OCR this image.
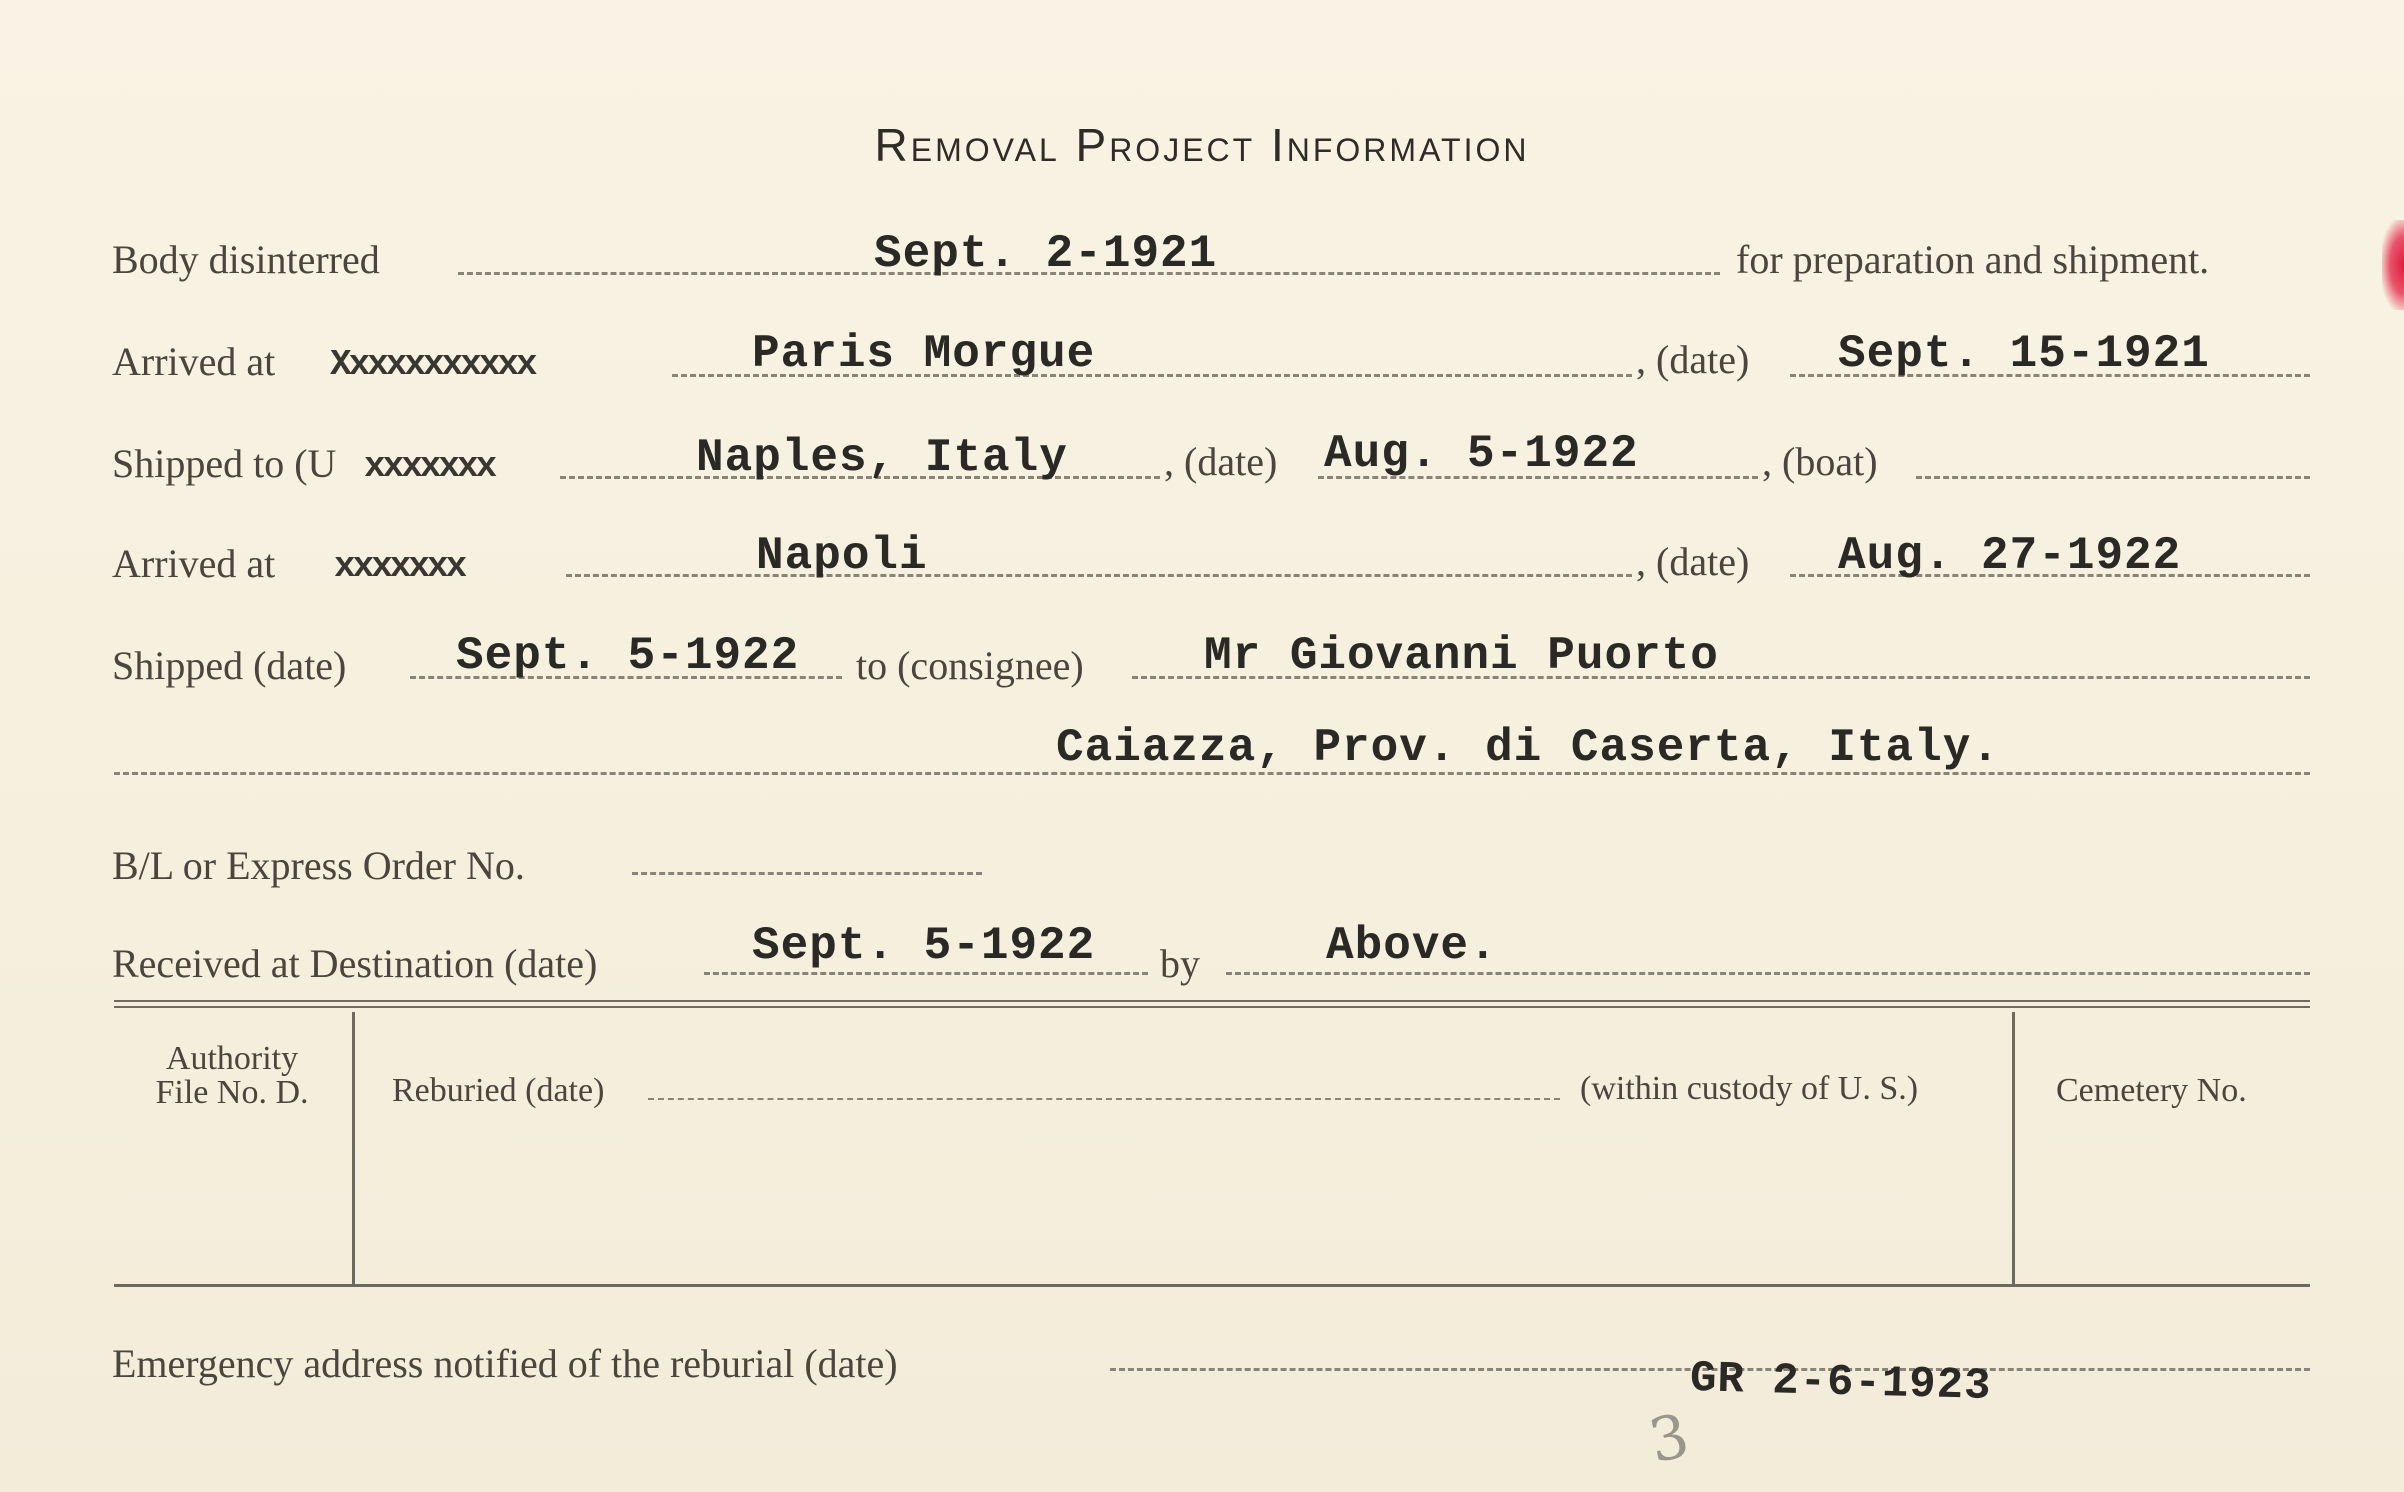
Removal Project Information
Body disinterred	Sept. 2-1921	for preparation and shipment.
Arrived at Xxxxxxxxxxx	Paris Morgue	, (date) Sept. 15-1921
Shipped to (U xxxxxxx	Naples, Italy , (date) Aug. 5-1922	, (boat)
Arrived at xxxxxxx	Napoli	, (date) Aug. 27-1922
Shipped (date) Sept. 5-1922 to (consignee)	Mr Giovanni Puorto
Caiazza, Prov. di Caserta, Italy.
B/L or Express Order No.
Received at Destination (date)	Sept. 5-1922 by	Above.
Authority
File No. D.	Reburied (date)	(within custody of U. S.)	Cemetery No.
Emergency address notified of the reburial (date)	GR 2-6-1923
3
